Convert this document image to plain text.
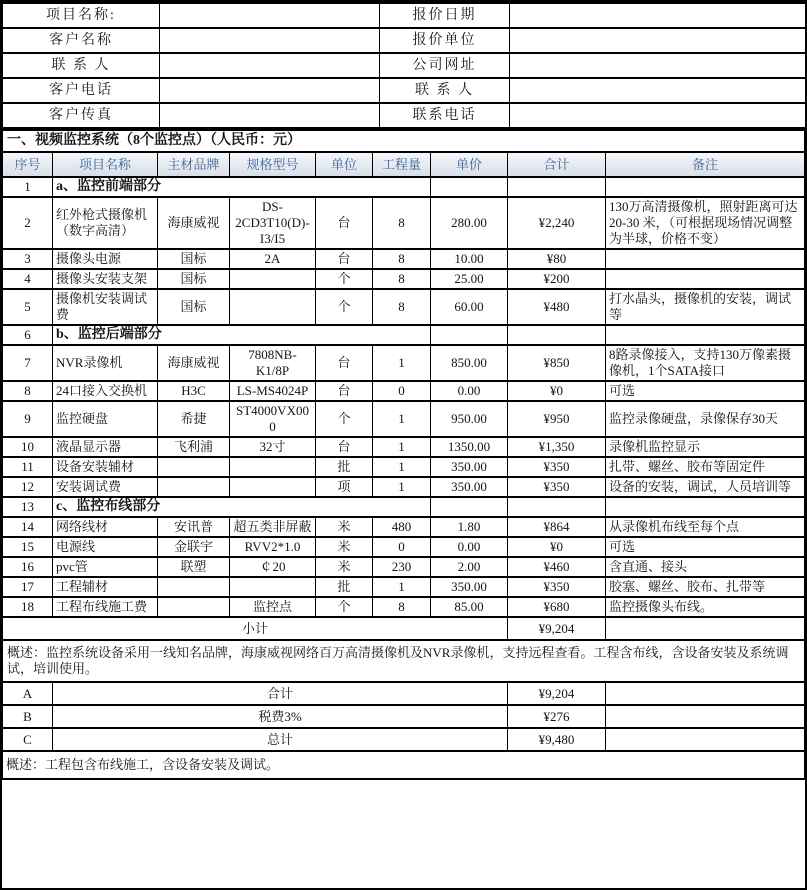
项目名称:		报价日期	
客户名称		报价单位	
联 系 人		公司网址	
客户电话		联 系 人	
客户传真		联系电话	
一、视频监控系统（8个监控点）（人民币：元）								
序号	项目名称	主材品牌	规格型号	单位	工程量	单价	合计	备注
1	a、监控前端部分							
2	红外枪式摄像机（数字高清）	海康威视	DS-2CD3T10(D)-I3/I5	台	8	280.00	¥2,240	130万高清摄像机，照射距离可达20-30 米，（可根据现场情况调整为半球，价格不变）
3	摄像头电源	国标	2A	台	8	10.00	¥80	
4	摄像头安装支架	国标		个	8	25.00	¥200	
5	摄像机安装调试费	国标		个	8	60.00	¥480	打水晶头，摄像机的安装，调试等
6	b、监控后端部分							
7	NVR录像机	海康威视	7808NB-K1/8P	台	1	850.00	¥850	8路录像接入，支持130万像素摄像机，1个SATA接口
8	24口接入交换机	H3C	LS-MS4024P	台	0	0.00	¥0	可选
9	监控硬盘	希捷	ST4000VX000	个	1	950.00	¥950	监控录像硬盘，录像保存30天
10	液晶显示器	飞利浦	32寸	台	1	1350.00	¥1,350	录像机监控显示
11	设备安装辅材			批	1	350.00	¥350	扎带、螺丝、胶布等固定件
12	安装调试费			项	1	350.00	¥350	设备的安装，调试，人员培训等
13	c、监控布线部分							
14	网络线材	安讯普	超五类非屏蔽	米	480	1.80	¥864	从录像机布线至每个点
15	电源线	金联宇	RVV2*1.0	米	0	0.00	¥0	可选
16	pvc管	联塑	￠20	米	230	2.00	¥460	含直通、接头
17	工程辅材			批	1	350.00	¥350	胶塞、螺丝、胶布、扎带等
18	工程布线施工费		监控点	个	8	85.00	¥680	监控摄像头布线。
小计							¥9,204	
概述：监控系统设备采用一线知名品牌，海康威视网络百万高清摄像机及NVR录像机，支持远程查看。工程含布线，含设备安装及系统调试，培训使用。								
A	合计						¥9,204	
B	税费3%						¥276	
C	总计						¥9,480	
概述：工程包含布线施工，含设备安装及调试。								
